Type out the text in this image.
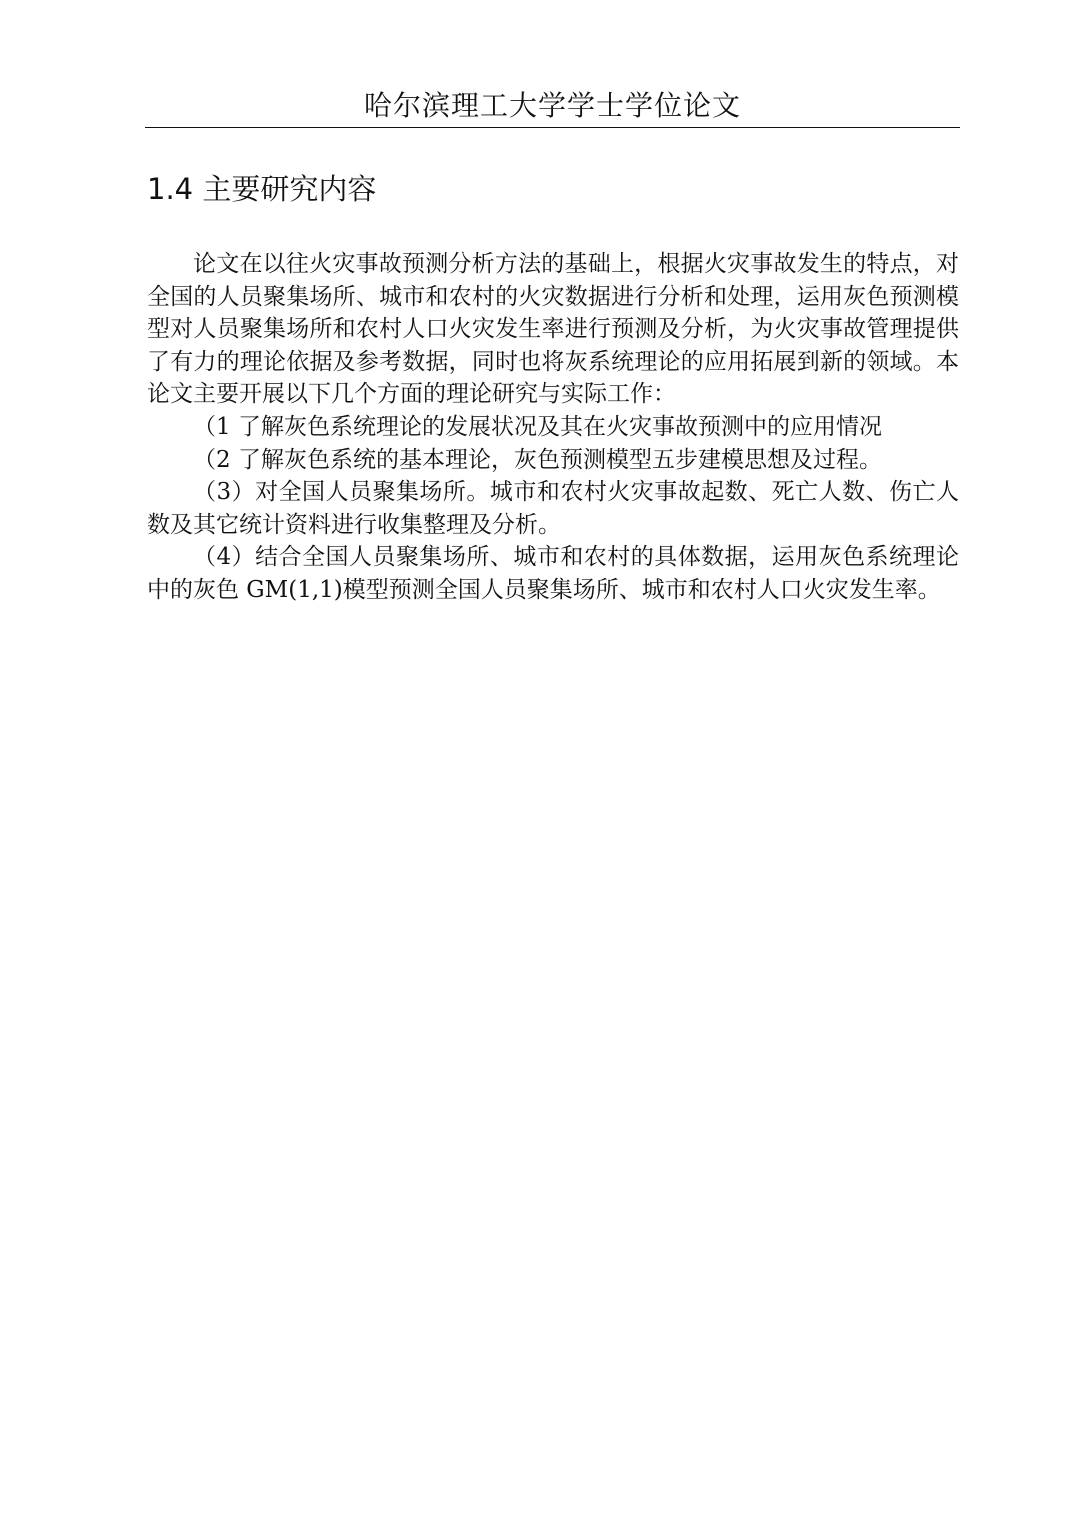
哈尔滨理工大学学士学位论文
1.4 主要研究内容

论文在以往火灾事故预测分析方法的基础上，根据火灾事故发生的特点，对全国的人员聚集场所、城市和农村的火灾数据进行分析和处理，运用灰色预测模型对人员聚集场所和农村人口火灾发生率进行预测及分析，为火灾事故管理提供了有力的理论依据及参考数据，同时也将灰系统理论的应用拓展到新的领域。本论文主要开展以下几个方面的理论研究与实际工作：

（1 了解灰色系统理论的发展状况及其在火灾事故预测中的应用情况

（2 了解灰色系统的基本理论，灰色预测模型五步建模思想及过程。

（3）对全国人员聚集场所。城市和农村火灾事故起数、死亡人数、伤亡人数及其它统计资料进行收集整理及分析。

（4）结合全国人员聚集场所、城市和农村的具体数据，运用灰色系统理论中的灰色 GM(1,1)模型预测全国人员聚集场所、城市和农村人口火灾发生率。
